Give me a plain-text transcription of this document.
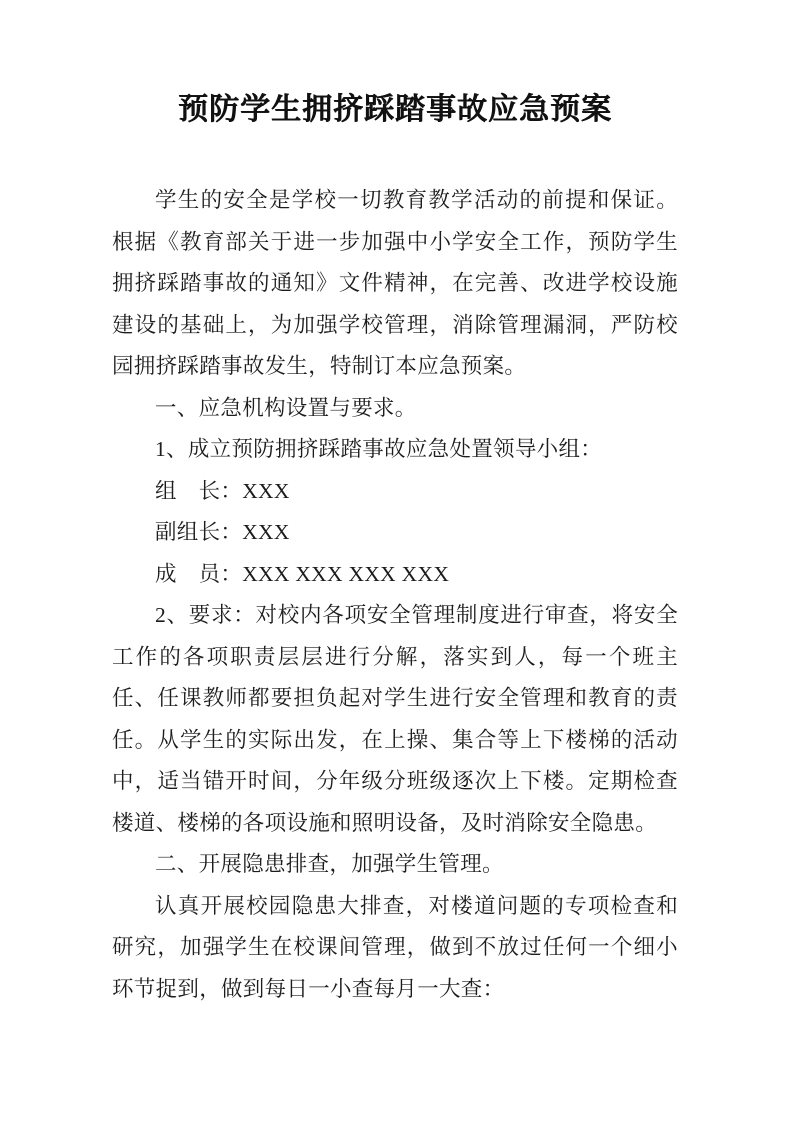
预防学生拥挤踩踏事故应急预案

学生的安全是学校一切教育教学活动的前提和保证。根据《教育部关于进一步加强中小学安全工作，预防学生拥挤踩踏事故的通知》文件精神，在完善、改进学校设施建设的基础上，为加强学校管理，消除管理漏洞，严防校园拥挤踩踏事故发生，特制订本应急预案。

一、应急机构设置与要求。

1、成立预防拥挤踩踏事故应急处置领导小组：

组　长：XXX

副组长：XXX

成　员：XXX XXX XXX XXX

2、要求：对校内各项安全管理制度进行审查，将安全工作的各项职责层层进行分解，落实到人，每一个班主任、任课教师都要担负起对学生进行安全管理和教育的责任。从学生的实际出发，在上操、集合等上下楼梯的活动中，适当错开时间，分年级分班级逐次上下楼。定期检查楼道、楼梯的各项设施和照明设备，及时消除安全隐患。

二、开展隐患排查，加强学生管理。

认真开展校园隐患大排查，对楼道问题的专项检查和研究，加强学生在校课间管理，做到不放过任何一个细小环节捉到，做到每日一小查每月一大查：
